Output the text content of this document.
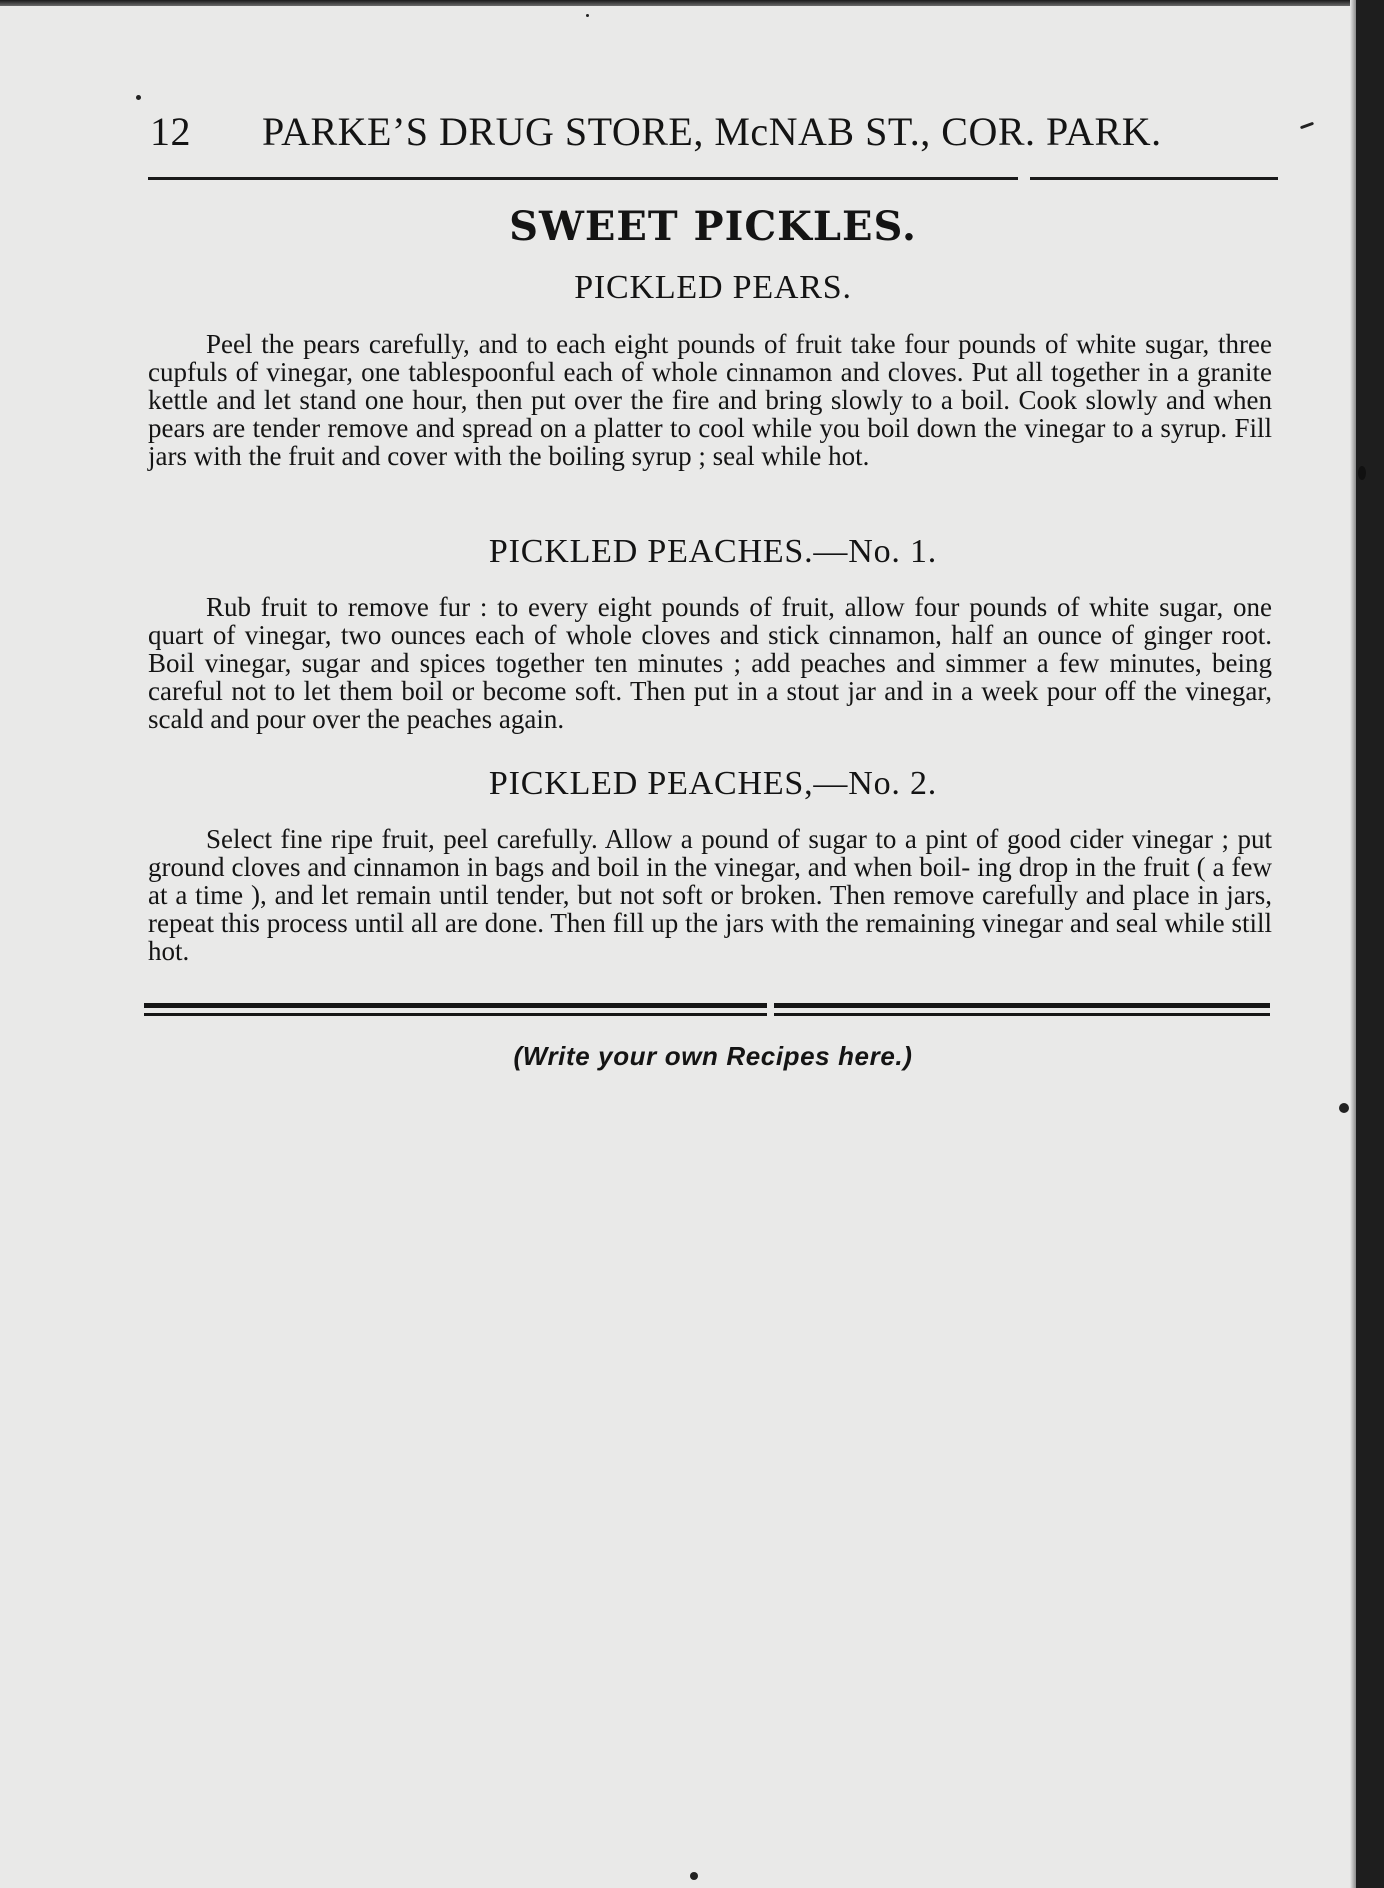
12 PARKE’S DRUG STORE, McNAB ST., COR. PARK.
SWEET PICKLES.
PICKLED PEARS.
Peel the pears carefully, and to each eight pounds of fruit take four pounds of white sugar, three cupfuls of vinegar, one tablespoonful each of whole cinnamon and cloves. Put all together in a granite kettle and let stand one hour, then put over the fire and bring slowly to a boil. Cook slowly and when pears are tender remove and spread on a platter to cool while you boil down the vinegar to a syrup. Fill jars with the fruit and cover with the boiling syrup ; seal while hot.
PICKLED PEACHES.—No. 1.
Rub fruit to remove fur : to every eight pounds of fruit, allow four pounds of white sugar, one quart of vinegar, two ounces each of whole cloves and stick cinnamon, half an ounce of ginger root. Boil vinegar, sugar and spices together ten minutes ; add peaches and simmer a few minutes, being careful not to let them boil or become soft. Then put in a stout jar and in a week pour off the vinegar, scald and pour over the peaches again.
PICKLED PEACHES,—No. 2.
Select fine ripe fruit, peel carefully. Allow a pound of sugar to a pint of good cider vinegar ; put ground cloves and cinnamon in bags and boil in the vinegar, and when boil- ing drop in the fruit ( a few at a time ), and let remain until tender, but not soft or broken. Then remove carefully and place in jars, repeat this process until all are done. Then fill up the jars with the remaining vinegar and seal while still hot.
(Write your own Recipes here.)
